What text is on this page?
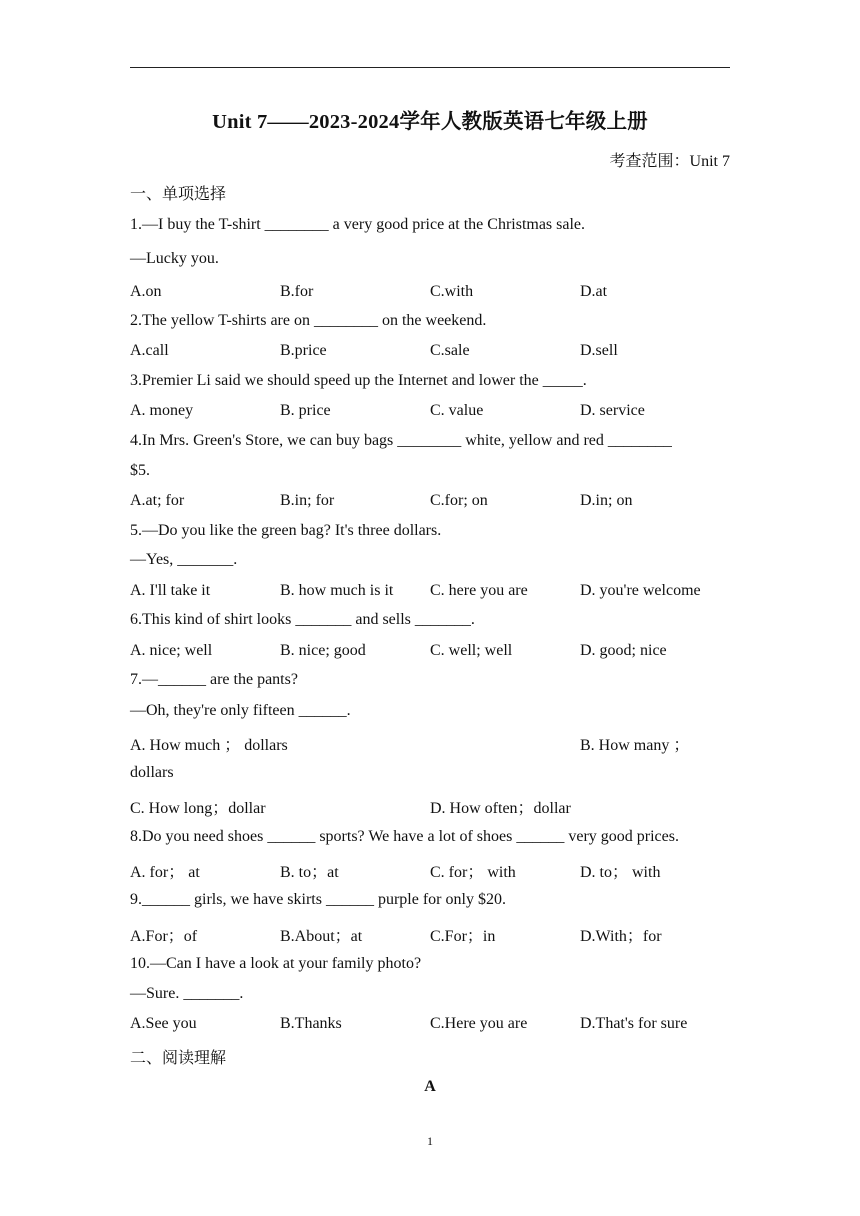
Unit 7——2023-2024学年人教版英语七年级上册
考查范围：Unit 7
一、单项选择
1.—I buy the T-shirt ________ a very good price at the Christmas sale.
—Lucky you.
A.on	B.for	C.with	D.at
2.The yellow T-shirts are on ________ on the weekend.
A.call	B.price	C.sale	D.sell
3.Premier Li said we should speed up the Internet and lower the _____.
A. money	B. price	C. value	D. service
4.In Mrs. Green's Store, we can buy bags ________ white, yellow and red ________
$5.
A.at; for	B.in; for	C.for; on	D.in; on
5.—Do you like the green bag? It's three dollars.
—Yes, _______.
A. I'll take it	B. how much is it C. here you are	D. you're welcome
6.This kind of shirt looks _______ and sells _______.
A. nice; well	B. nice; good	C. well; well	D. good; nice
7.—______ are the pants?
—Oh, they're only fifteen ______.
A. How much ； dollars	B. How many ；
dollars
C. How long；dollar	D. How often；dollar
8.Do you need shoes ______ sports? We have a lot of shoes ______ very good prices.
A. for； at	B. to；at	C. for； with	D. to； with
9.______ girls, we have skirts ______ purple for only $20.
A.For；of	B.About；at	C.For；in	D.With；for
10.—Can I have a look at your family photo?
—Sure. _______.
A.See you	B.Thanks	C.Here you are	D.That's for sure
二、阅读理解
A
1
